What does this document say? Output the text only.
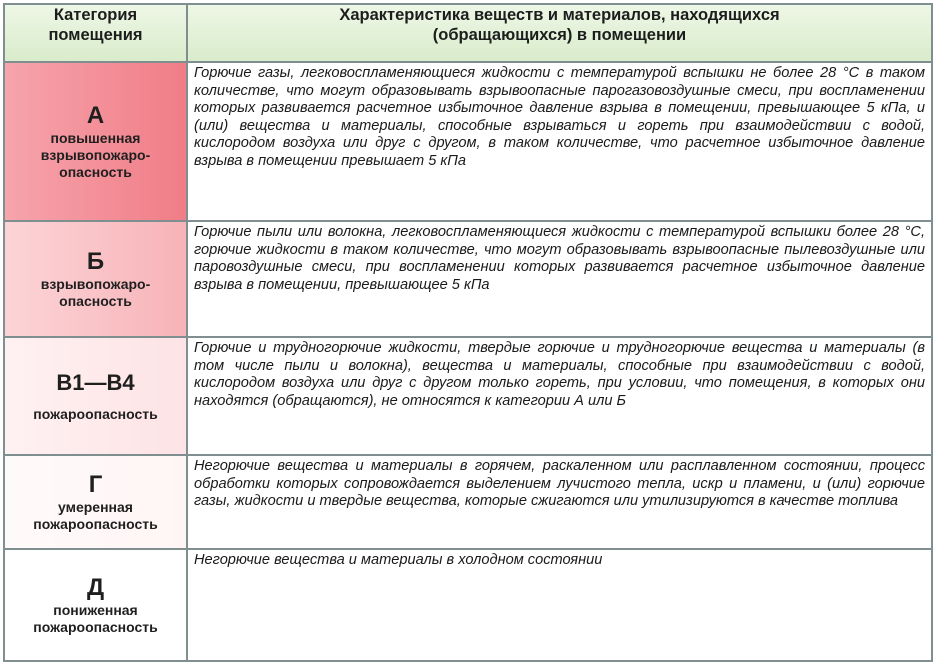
Категория помещения	Характеристика веществ и материалов, находящихся (обращающихся) в помещении

А
повышенная взрывопожаро-опасность	Горючие газы, легковоспламеняющиеся жидкости с температурой вспышки не более 28 °С в таком количестве, что могут образовывать взрывоопасные парогазовоздушные смеси, при воспламенении которых развивается расчетное избыточное давление взрыва в помещении, превышающее 5 кПа, и (или) вещества и материалы, способные взрываться и гореть при взаимодействии с водой, кислородом воздуха или друг с другом, в таком количестве, что расчетное избыточное давление взрыва в помещении превышает 5 кПа

Б
взрывопожаро-опасность	Горючие пыли или волокна, легковоспламеняющиеся жидкости с температурой вспышки более 28 °С, горючие жидкости в таком количестве, что могут образовывать взрывоопасные пылевоздушные или паровоздушные смеси, при воспламенении которых развивается расчетное избыточное давление взрыва в помещении, превышающее 5 кПа

В1—В4
пожароопасность	Горючие и трудногорючие жидкости, твердые горючие и трудногорючие вещества и материалы (в том числе пыли и волокна), вещества и материалы, способные при взаимодействии с водой, кислородом воздуха или друг с другом только гореть, при условии, что помещения, в которых они находятся (обращаются), не относятся к категории А или Б

Г
умеренная пожароопасность	Негорючие вещества и материалы в горячем, раскаленном или расплавленном состоянии, процесс обработки которых сопровождается выделением лучистого тепла, искр и пламени, и (или) горючие газы, жидкости и твердые вещества, которые сжигаются или утилизируются в качестве топлива

Д
пониженная пожароопасность	Негорючие вещества и материалы в холодном состоянии
